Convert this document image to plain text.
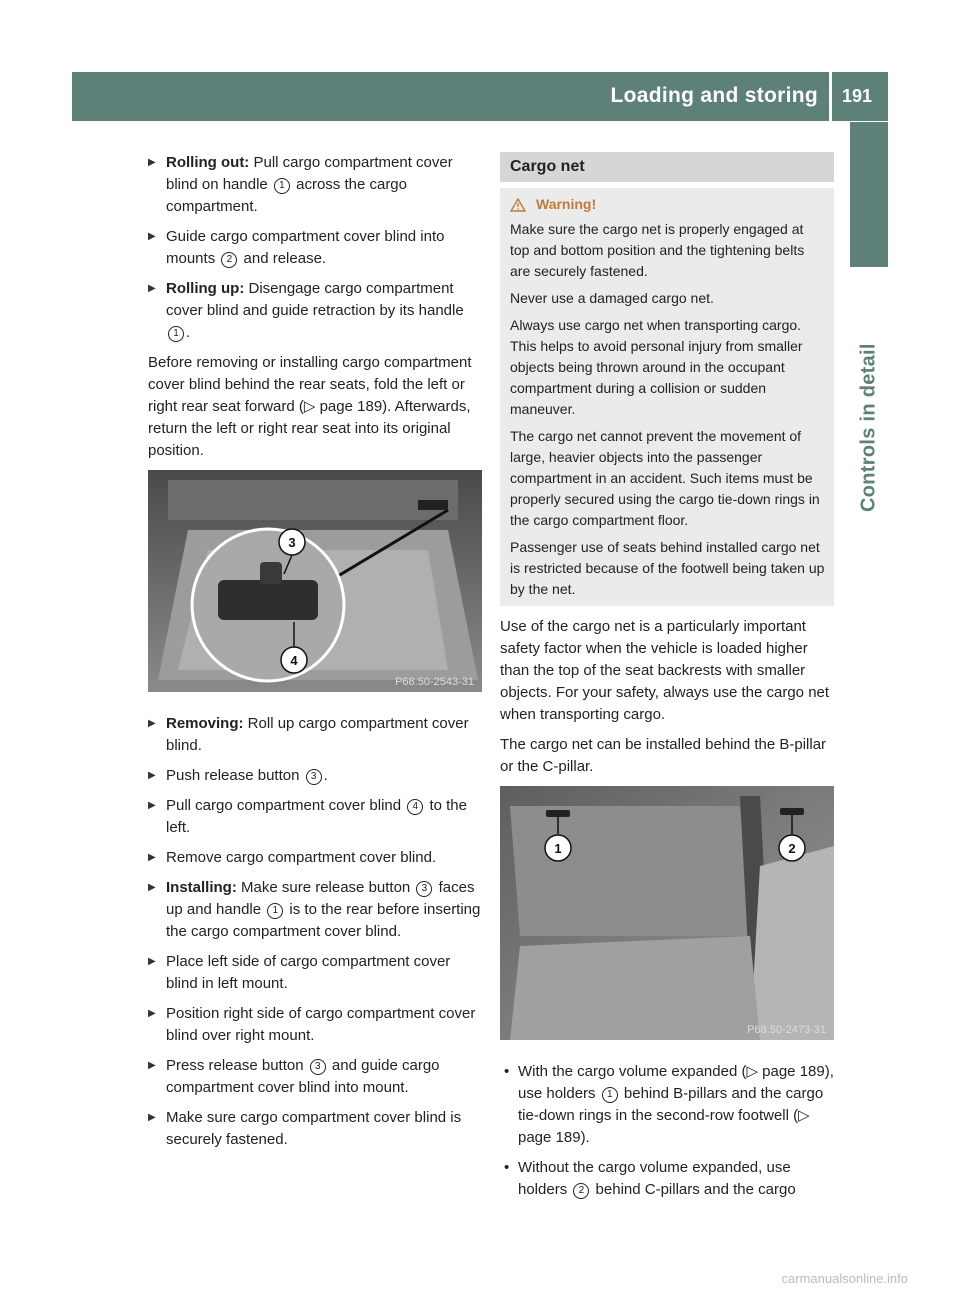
Loading and storing 191
Controls in detail
▶ Rolling out: Pull cargo compartment cover blind on handle 1 across the cargo compartment.
▶ Guide cargo compartment cover blind into mounts 2 and release.
▶ Rolling up: Disengage cargo compartment cover blind and guide retraction by its handle 1 .

Before removing or installing cargo compartment cover blind behind the rear seats, fold the left or right rear seat forward (▷ page 189). Afterwards, return the left or right rear seat into its original position.

3
4
P68.50-2543-31
▶ Removing: Roll up cargo compartment cover blind.
▶ Push release button 3 .
▶ Pull cargo compartment cover blind 4 to the left.
▶ Remove cargo compartment cover blind.
▶ Installing: Make sure release button 3 faces up and handle 1 is to the rear before inserting the cargo compartment cover blind.
▶ Place left side of cargo compartment cover blind in left mount.
▶ Position right side of cargo compartment cover blind over right mount.
▶ Press release button 3 and guide cargo compartment cover blind into mount.
▶ Make sure cargo compartment cover blind is securely fastened.
Cargo net
Warning!

Make sure the cargo net is properly engaged at top and bottom position and the tightening belts are securely fastened.

Never use a damaged cargo net.

Always use cargo net when transporting cargo. This helps to avoid personal injury from smaller objects being thrown around in the occupant compartment during a collision or sudden maneuver.

The cargo net cannot prevent the movement of large, heavier objects into the passenger compartment in an accident. Such items must be properly secured using the cargo tie-down rings in the cargo compartment floor.

Passenger use of seats behind installed cargo net is restricted because of the footwell being taken up by the net.

Use of the cargo net is a particularly important safety factor when the vehicle is loaded higher than the top of the seat backrests with smaller objects. For your safety, always use the cargo net when transporting cargo.

The cargo net can be installed behind the B-pillar or the C-pillar.

1	2
P68.50-2473-31
• With the cargo volume expanded (▷ page 189), use holders 1 behind B-pillars and the cargo tie-down rings in the second-row footwell (▷ page 189).
• Without the cargo volume expanded, use holders 2 behind C-pillars and the cargo
carmanualsonline.info
